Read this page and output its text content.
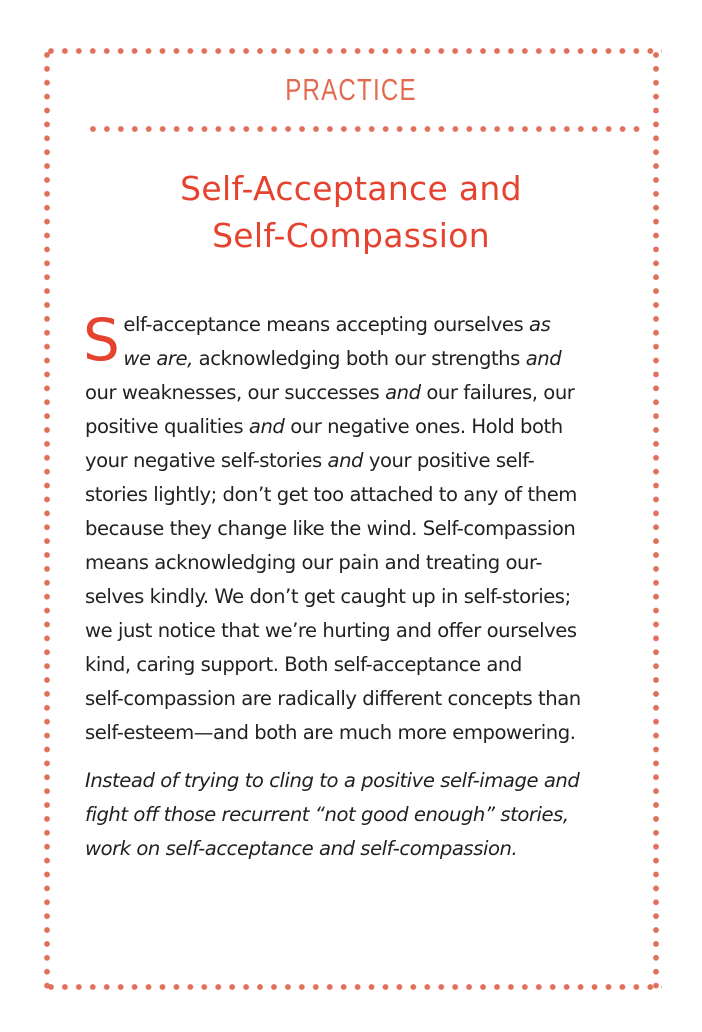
PRACTICE
Self-Acceptance and
Self-Compassion

S elf-acceptance means accepting ourselves as
we are, acknowledging both our strengths and
our weaknesses, our successes and our failures, our
positive qualities and our negative ones. Hold both
your negative self-stories and your positive self-
stories lightly; don’t get too attached to any of them
because they change like the wind. Self-compassion
means acknowledging our pain and treating our-
selves kindly. We don’t get caught up in self-stories;
we just notice that we’re hurting and offer ourselves
kind, caring support. Both self-acceptance and
self-compassion are radically different concepts than
self-esteem—and both are much more empowering.

Instead of trying to cling to a positive self-image and
fight off those recurrent “not good enough” stories,
work on self-acceptance and self-compassion.
